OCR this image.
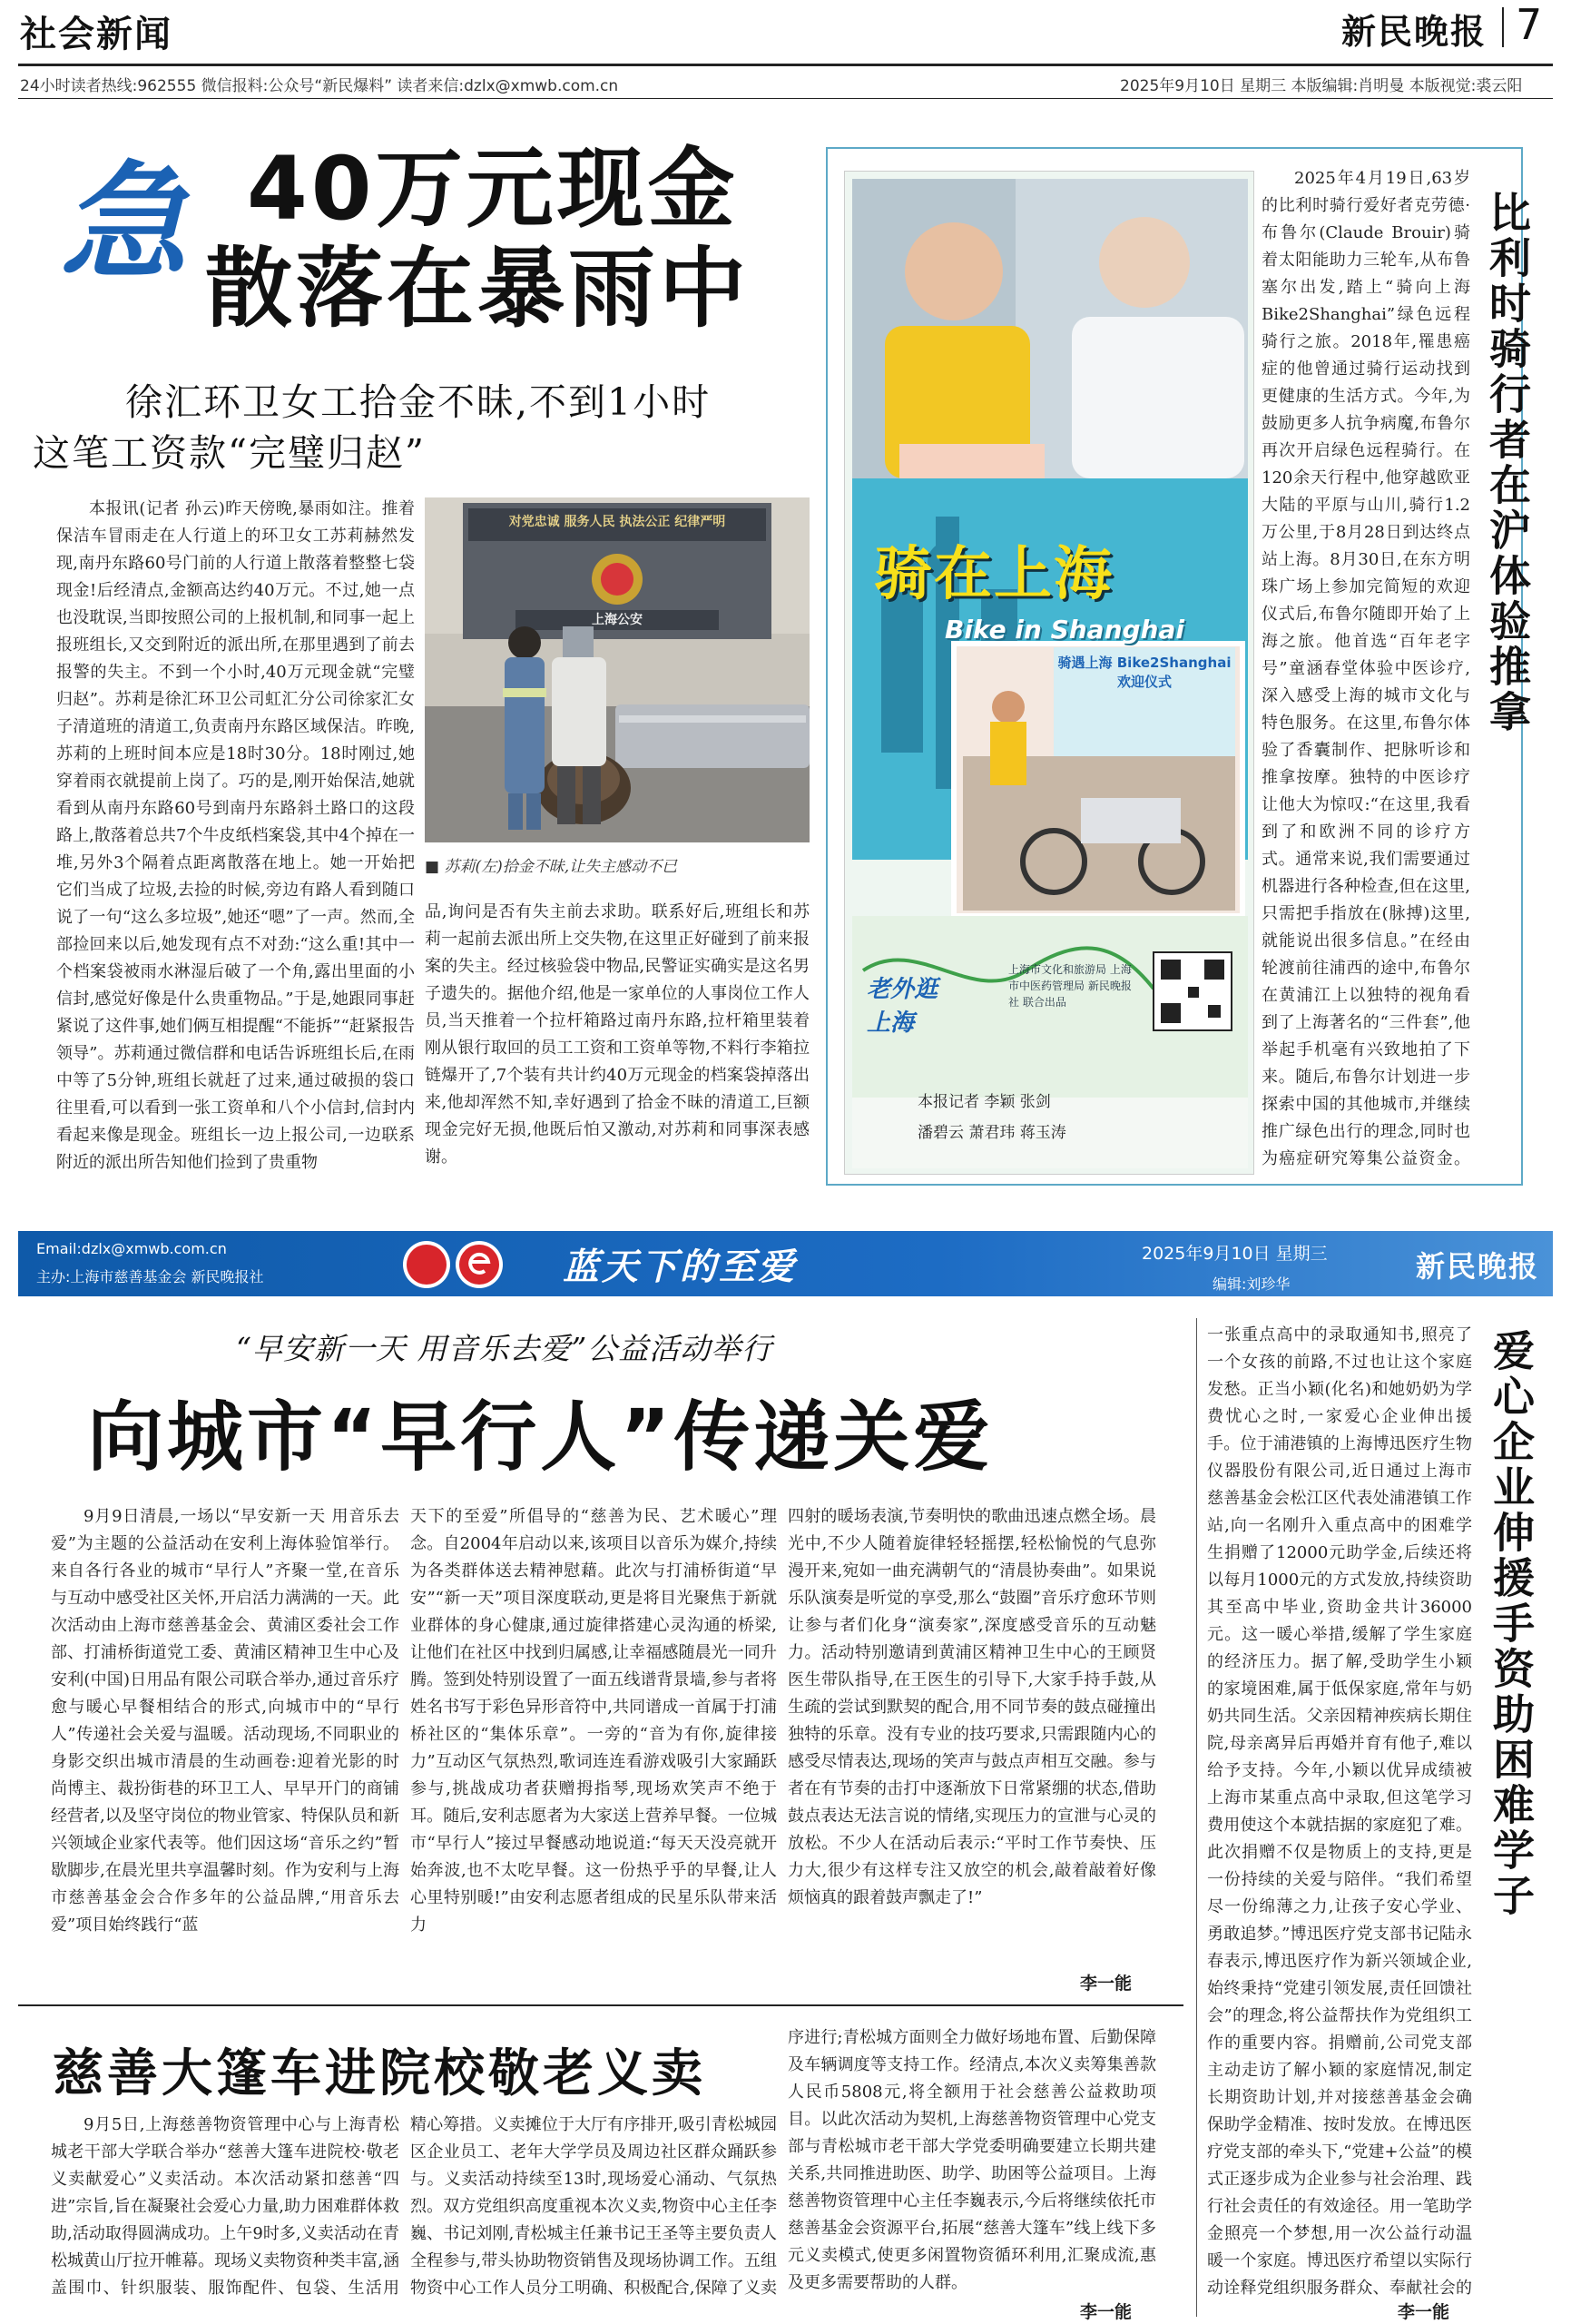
社会新闻	新民晚报 7
24小时读者热线:962555 微信报料:公众号“新民爆料” 读者来信:dzlx@xmwb.com.cn	2025年9月10日 星期三 本版编辑:肖明曼 本版视觉:裘云阳
急 40万元现金
散落在暴雨中
徐汇环卫女工拾金不昧,不到1小时
这笔工资款“完璧归赵”
对党忠诚 服务人民 执法公正 纪律严明
上海公安
■ 苏莉(左)拾金不昧,让失主感动不已
本报讯(记者 孙云)昨天傍晚,暴雨如注。推着保洁车冒雨走在人行道上的环卫女工苏莉赫然发现,南丹东路60号门前的人行道上散落着整整七袋现金!后经清点,金额高达约40万元。不过,她一点也没耽误,当即按照公司的上报机制,和同事一起上报班组长,又交到附近的派出所,在那里遇到了前去报警的失主。不到一个小时,40万元现金就“完璧归赵”。苏莉是徐汇环卫公司虹汇分公司徐家汇女子清道班的清道工,负责南丹东路区域保洁。昨晚,苏莉的上班时间本应是18时30分。18时刚过,她穿着雨衣就提前上岗了。巧的是,刚开始保洁,她就看到从南丹东路60号到南丹东路斜土路口的这段路上,散落着总共7个牛皮纸档案袋,其中4个掉在一堆,另外3个隔着点距离散落在地上。她一开始把它们当成了垃圾,去捡的时候,旁边有路人看到随口说了一句“这么多垃圾”,她还“嗯”了一声。然而,全部捡回来以后,她发现有点不对劲:“这么重!其中一个档案袋被雨水淋湿后破了一个角,露出里面的小信封,感觉好像是什么贵重物品。”于是,她跟同事赶紧说了这件事,她们俩互相提醒“不能拆”“赶紧报告领导”。苏莉通过微信群和电话告诉班组长后,在雨中等了5分钟,班组长就赶了过来,通过破损的袋口往里看,可以看到一张工资单和八个小信封,信封内看起来像是现金。班组长一边上报公司,一边联系附近的派出所告知他们捡到了贵重物
品,询问是否有失主前去求助。联系好后,班组长和苏莉一起前去派出所上交失物,在这里正好碰到了前来报案的失主。经过核验袋中物品,民警证实确实是这名男子遗失的。据他介绍,他是一家单位的人事岗位工作人员,当天推着一个拉杆箱路过南丹东路,拉杆箱里装着刚从银行取回的员工工资和工资单等物,不料行李箱拉链爆开了,7个装有共计约40万元现金的档案袋掉落出来,他却浑然不知,幸好遇到了拾金不昧的清道工,巨额现金完好无损,他既后怕又激动,对苏莉和同事深表感谢。
骑在上海
Bike in Shanghai
骑遇上海 Bike2Shanghai 欢迎仪式
老外逛上海
上海市文化和旅游局 上海市中医药管理局 新民晚报社 联合出品
本报记者 李颖 张剑
潘碧云 萧君玮 蒋玉涛
2025年4月19日,63岁的比利时骑行爱好者克劳德·布鲁尔(Claude Brouir)骑着太阳能助力三轮车,从布鲁塞尔出发,踏上“骑向上海 Bike2Shanghai”绿色远程骑行之旅。2018年,罹患癌症的他曾通过骑行运动找到更健康的生活方式。今年,为鼓励更多人抗争病魔,布鲁尔再次开启绿色远程骑行。在120余天行程中,他穿越欧亚大陆的平原与山川,骑行1.2万公里,于8月28日到达终点站上海。8月30日,在东方明珠广场上参加完简短的欢迎仪式后,布鲁尔随即开始了上海之旅。他首选“百年老字号”童涵春堂体验中医诊疗,深入感受上海的城市文化与特色服务。在这里,布鲁尔体验了香囊制作、把脉听诊和推拿按摩。独特的中医诊疗让他大为惊叹:“在这里,我看到了和欧洲不同的诊疗方式。通常来说,我们需要通过机器进行各种检查,但在这里,只需把手指放在(脉搏)这里,就能说出很多信息。”在经由轮渡前往浦西的途中,布鲁尔在黄浦江上以独特的视角看到了上海著名的“三件套”,他举起手机毫有兴致地拍了下来。随后,布鲁尔计划进一步探索中国的其他城市,并继续推广绿色出行的理念,同时也为癌症研究筹集公益资金。
比利时骑行者在沪体验推拿
Email:dzlx@xmwb.com.cn
主办:上海市慈善基金会 新民晚报社	蓝天下的至爱	2025年9月10日 星期三
编辑:刘珍华
新民晚报
“早安新一天 用音乐去爱”公益活动举行
向城市“早行人”传递关爱
9月9日清晨,一场以“早安新一天 用音乐去爱”为主题的公益活动在安利上海体验馆举行。来自各行各业的城市“早行人”齐聚一堂,在音乐与互动中感受社区关怀,开启活力满满的一天。此次活动由上海市慈善基金会、黄浦区委社会工作部、打浦桥街道党工委、黄浦区精神卫生中心及安利(中国)日用品有限公司联合举办,通过音乐疗愈与暖心早餐相结合的形式,向城市中的“早行人”传递社会关爱与温暖。活动现场,不同职业的身影交织出城市清晨的生动画卷:迎着光影的时尚博主、裁扮街巷的环卫工人、早早开门的商铺经营者,以及坚守岗位的物业管家、特保队员和新兴领域企业家代表等。他们因这场“音乐之约”暂歇脚步,在晨光里共享温馨时刻。作为安利与上海市慈善基金会合作多年的公益品牌,“用音乐去爱”项目始终践行“蓝
天下的至爱”所倡导的“慈善为民、艺术暖心”理念。自2004年启动以来,该项目以音乐为媒介,持续为各类群体送去精神慰藉。此次与打浦桥街道“早安”“新一天”项目深度联动,更是将目光聚焦于新就业群体的身心健康,通过旋律搭建心灵沟通的桥梁,让他们在社区中找到归属感,让幸福感随晨光一同升腾。签到处特别设置了一面五线谱背景墙,参与者将姓名书写于彩色异形音符中,共同谱成一首属于打浦桥社区的“集体乐章”。一旁的“音为有你,旋律接力”互动区气氛热烈,歌词连连看游戏吸引大家踊跃参与,挑战成功者获赠拇指琴,现场欢笑声不绝于耳。随后,安利志愿者为大家送上营养早餐。一位城市“早行人”接过早餐感动地说道:“每天天没亮就开始奔波,也不太吃早餐。这一份热乎乎的早餐,让人心里特别暖!”由安利志愿者组成的民星乐队带来活力
四射的暖场表演,节奏明快的歌曲迅速点燃全场。晨光中,不少人随着旋律轻轻摇摆,轻松愉悦的气息弥漫开来,宛如一曲充满朝气的“清晨协奏曲”。如果说乐队演奏是听觉的享受,那么“鼓圈”音乐疗愈环节则让参与者们化身“演奏家”,深度感受音乐的互动魅力。活动特别邀请到黄浦区精神卫生中心的王顾贤医生带队指导,在王医生的引导下,大家手持手鼓,从生疏的尝试到默契的配合,用不同节奏的鼓点碰撞出独特的乐章。没有专业的技巧要求,只需跟随内心的感受尽情表达,现场的笑声与鼓点声相互交融。参与者在有节奏的击打中逐渐放下日常紧绷的状态,借助鼓点表达无法言说的情绪,实现压力的宣泄与心灵的放松。不少人在活动后表示:“平时工作节奏快、压力大,很少有这样专注又放空的机会,敲着敲着好像烦恼真的跟着鼓声飘走了!”
李一能
慈善大篷车进院校敬老义卖
9月5日,上海慈善物资管理中心与上海青松城老干部大学联合举办“慈善大篷车进院校·敬老义卖献爱心”义卖活动。本次活动紧扣慈善“四进”宗旨,旨在凝聚社会爱心力量,助力困难群体救助,活动取得圆满成功。上午9时多,义卖活动在青松城黄山厅拉开帷幕。现场义卖物资种类丰富,涵盖围巾、针织服装、服饰配件、包袋、生活用
精心筹措。义卖摊位于大厅有序排开,吸引青松城园区企业员工、老年大学学员及周边社区群众踊跃参与。义卖活动持续至13时,现场爱心涌动、气氛热烈。双方党组织高度重视本次义卖,物资中心主任李巍、书记刘刚,青松城主任兼书记王圣等主要负责人全程参与,带头协助物资销售及现场协调工作。五组物资中心工作人员分工明确、积极配合,保障了义卖
序进行;青松城方面则全力做好场地布置、后勤保障及车辆调度等支持工作。经清点,本次义卖筹集善款人民币5808元,将全额用于社会慈善公益救助项目。以此次活动为契机,上海慈善物资管理中心党支部与青松城市老干部大学党委明确要建立长期共建关系,共同推进助医、助学、助困等公益项目。上海慈善物资管理中心主任李巍表示,今后将继续依托市慈善基金会资源平台,拓展“慈善大篷车”线上线下多元义卖模式,使更多闲置物资循环利用,汇聚成流,惠及更多需要帮助的人群。
李一能
一张重点高中的录取通知书,照亮了一个女孩的前路,不过也让这个家庭发愁。正当小颖(化名)和她奶奶为学费忧心之时,一家爱心企业伸出援手。位于浦港镇的上海博迅医疗生物仪器股份有限公司,近日通过上海市慈善基金会松江区代表处浦港镇工作站,向一名刚升入重点高中的困难学生捐赠了12000元助学金,后续还将以每月1000元的方式发放,持续资助其至高中毕业,资助金共计36000元。这一暖心举措,缓解了学生家庭的经济压力。据了解,受助学生小颖的家境困难,属于低保家庭,常年与奶奶共同生活。父亲因精神疾病长期住院,母亲离异后再婚并育有他子,难以给予支持。今年,小颖以优异成绩被上海市某重点高中录取,但这笔学习费用使这个本就拮据的家庭犯了难。此次捐赠不仅是物质上的支持,更是一份持续的关爱与陪伴。“我们希望尽一份绵薄之力,让孩子安心学业、勇敢追梦。”博迅医疗党支部书记陆永春表示,博迅医疗作为新兴领域企业,始终秉持“党建引领发展,责任回馈社会”的理念,将公益帮扶作为党组织工作的重要内容。捐赠前,公司党支部主动走访了解小颖的家庭情况,制定长期资助计划,并对接慈善基金会确保助学金精准、按时发放。在博迅医疗党支部的牵头下,“党建+公益”的模式正逐步成为企业参与社会治理、践行社会责任的有效途径。用一笔助学金照亮一个梦想,用一次公益行动温暖一个家庭。博迅医疗希望以实际行动诠释党组织服务群众、奉献社会的
李一能
爱心企业伸援手资助困难学子
